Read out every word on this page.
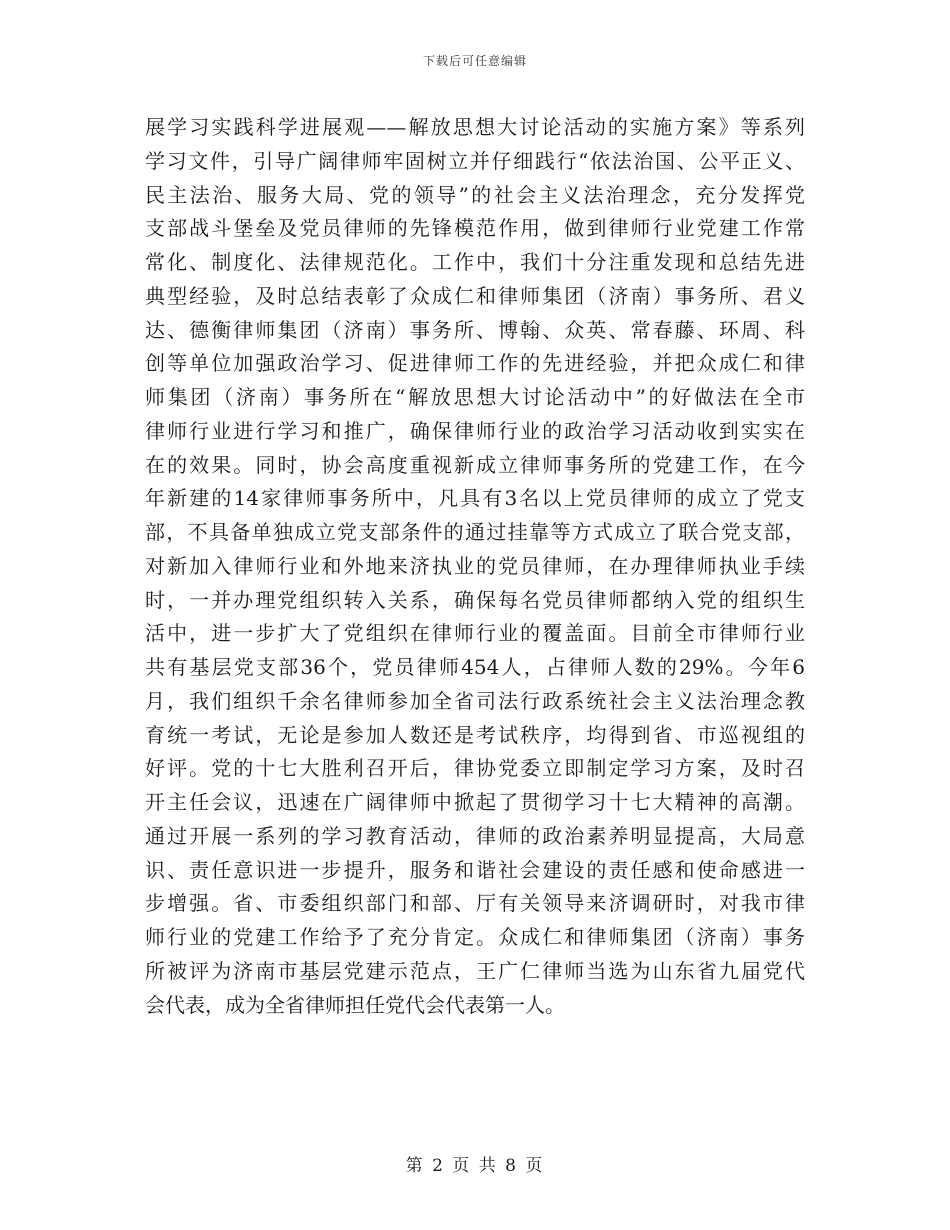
下载后可任意编辑
展学习实践科学进展观——解放思想大讨论活动的实施方案》等系列
学习文件，引导广阔律师牢固树立并仔细践行“依法治国、公平正义、
民主法治、服务大局、党的领导”的社会主义法治理念，充分发挥党
支部战斗堡垒及党员律师的先锋模范作用，做到律师行业党建工作常
常化、制度化、法律规范化。工作中，我们十分注重发现和总结先进
典型经验，及时总结表彰了众成仁和律师集团（济南）事务所、君义
达、德衡律师集团（济南）事务所、博翰、众英、常春藤、环周、科
创等单位加强政治学习、促进律师工作的先进经验，并把众成仁和律
师集团（济南）事务所在“解放思想大讨论活动中”的好做法在全市
律师行业进行学习和推广，确保律师行业的政治学习活动收到实实在
在的效果。同时，协会高度重视新成立律师事务所的党建工作，在今
年新建的14家律师事务所中，凡具有3名以上党员律师的成立了党支
部，不具备单独成立党支部条件的通过挂靠等方式成立了联合党支部，
对新加入律师行业和外地来济执业的党员律师，在办理律师执业手续
时，一并办理党组织转入关系，确保每名党员律师都纳入党的组织生
活中，进一步扩大了党组织在律师行业的覆盖面。目前全市律师行业
共有基层党支部36个，党员律师454人，占律师人数的29%。今年6
月，我们组织千余名律师参加全省司法行政系统社会主义法治理念教
育统一考试，无论是参加人数还是考试秩序，均得到省、市巡视组的
好评。党的十七大胜利召开后，律协党委立即制定学习方案，及时召
开主任会议，迅速在广阔律师中掀起了贯彻学习十七大精神的高潮。
通过开展一系列的学习教育活动，律师的政治素养明显提高，大局意
识、责任意识进一步提升，服务和谐社会建设的责任感和使命感进一
步增强。省、市委组织部门和部、厅有关领导来济调研时，对我市律
师行业的党建工作给予了充分肯定。众成仁和律师集团（济南）事务
所被评为济南市基层党建示范点，王广仁律师当选为山东省九届党代
会代表，成为全省律师担任党代会代表第一人。
第 2 页 共 8 页
